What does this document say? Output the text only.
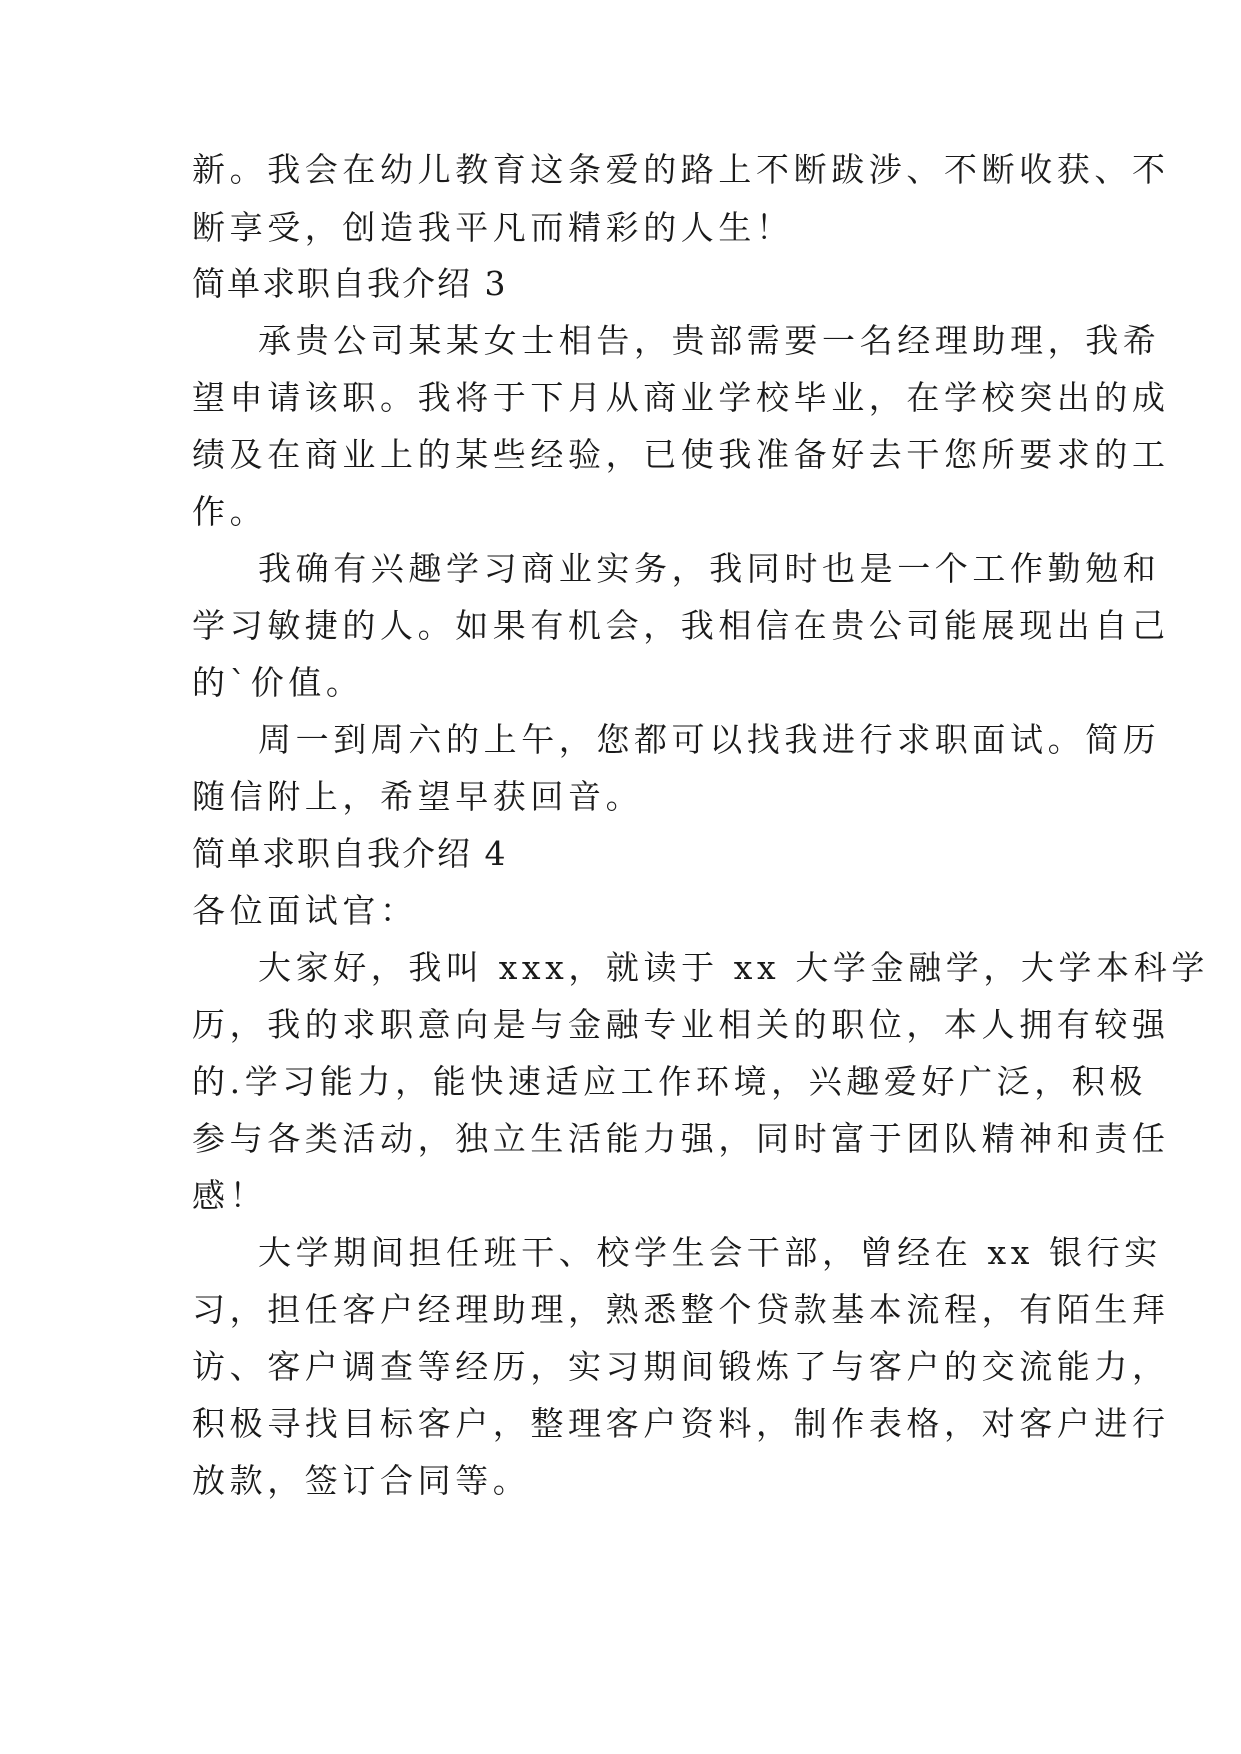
新。我会在幼儿教育这条爱的路上不断跋涉、不断收获、不
断享受，创造我平凡而精彩的人生！
简单求职自我介绍 3
承贵公司某某女士相告，贵部需要一名经理助理，我希
望申请该职。我将于下月从商业学校毕业，在学校突出的成
绩及在商业上的某些经验，已使我准备好去干您所要求的工
作。
我确有兴趣学习商业实务，我同时也是一个工作勤勉和
学习敏捷的人。如果有机会，我相信在贵公司能展现出自己
的`价值。
周一到周六的上午，您都可以找我进行求职面试。简历
随信附上，希望早获回音。
简单求职自我介绍 4
各位面试官：
大家好，我叫 xxx，就读于 xx 大学金融学，大学本科学
历，我的求职意向是与金融专业相关的职位，本人拥有较强
的.学习能力，能快速适应工作环境，兴趣爱好广泛，积极
参与各类活动，独立生活能力强，同时富于团队精神和责任
感！
大学期间担任班干、校学生会干部，曾经在 xx 银行实
习，担任客户经理助理，熟悉整个贷款基本流程，有陌生拜
访、客户调查等经历，实习期间锻炼了与客户的交流能力，
积极寻找目标客户，整理客户资料，制作表格，对客户进行
放款，签订合同等。
